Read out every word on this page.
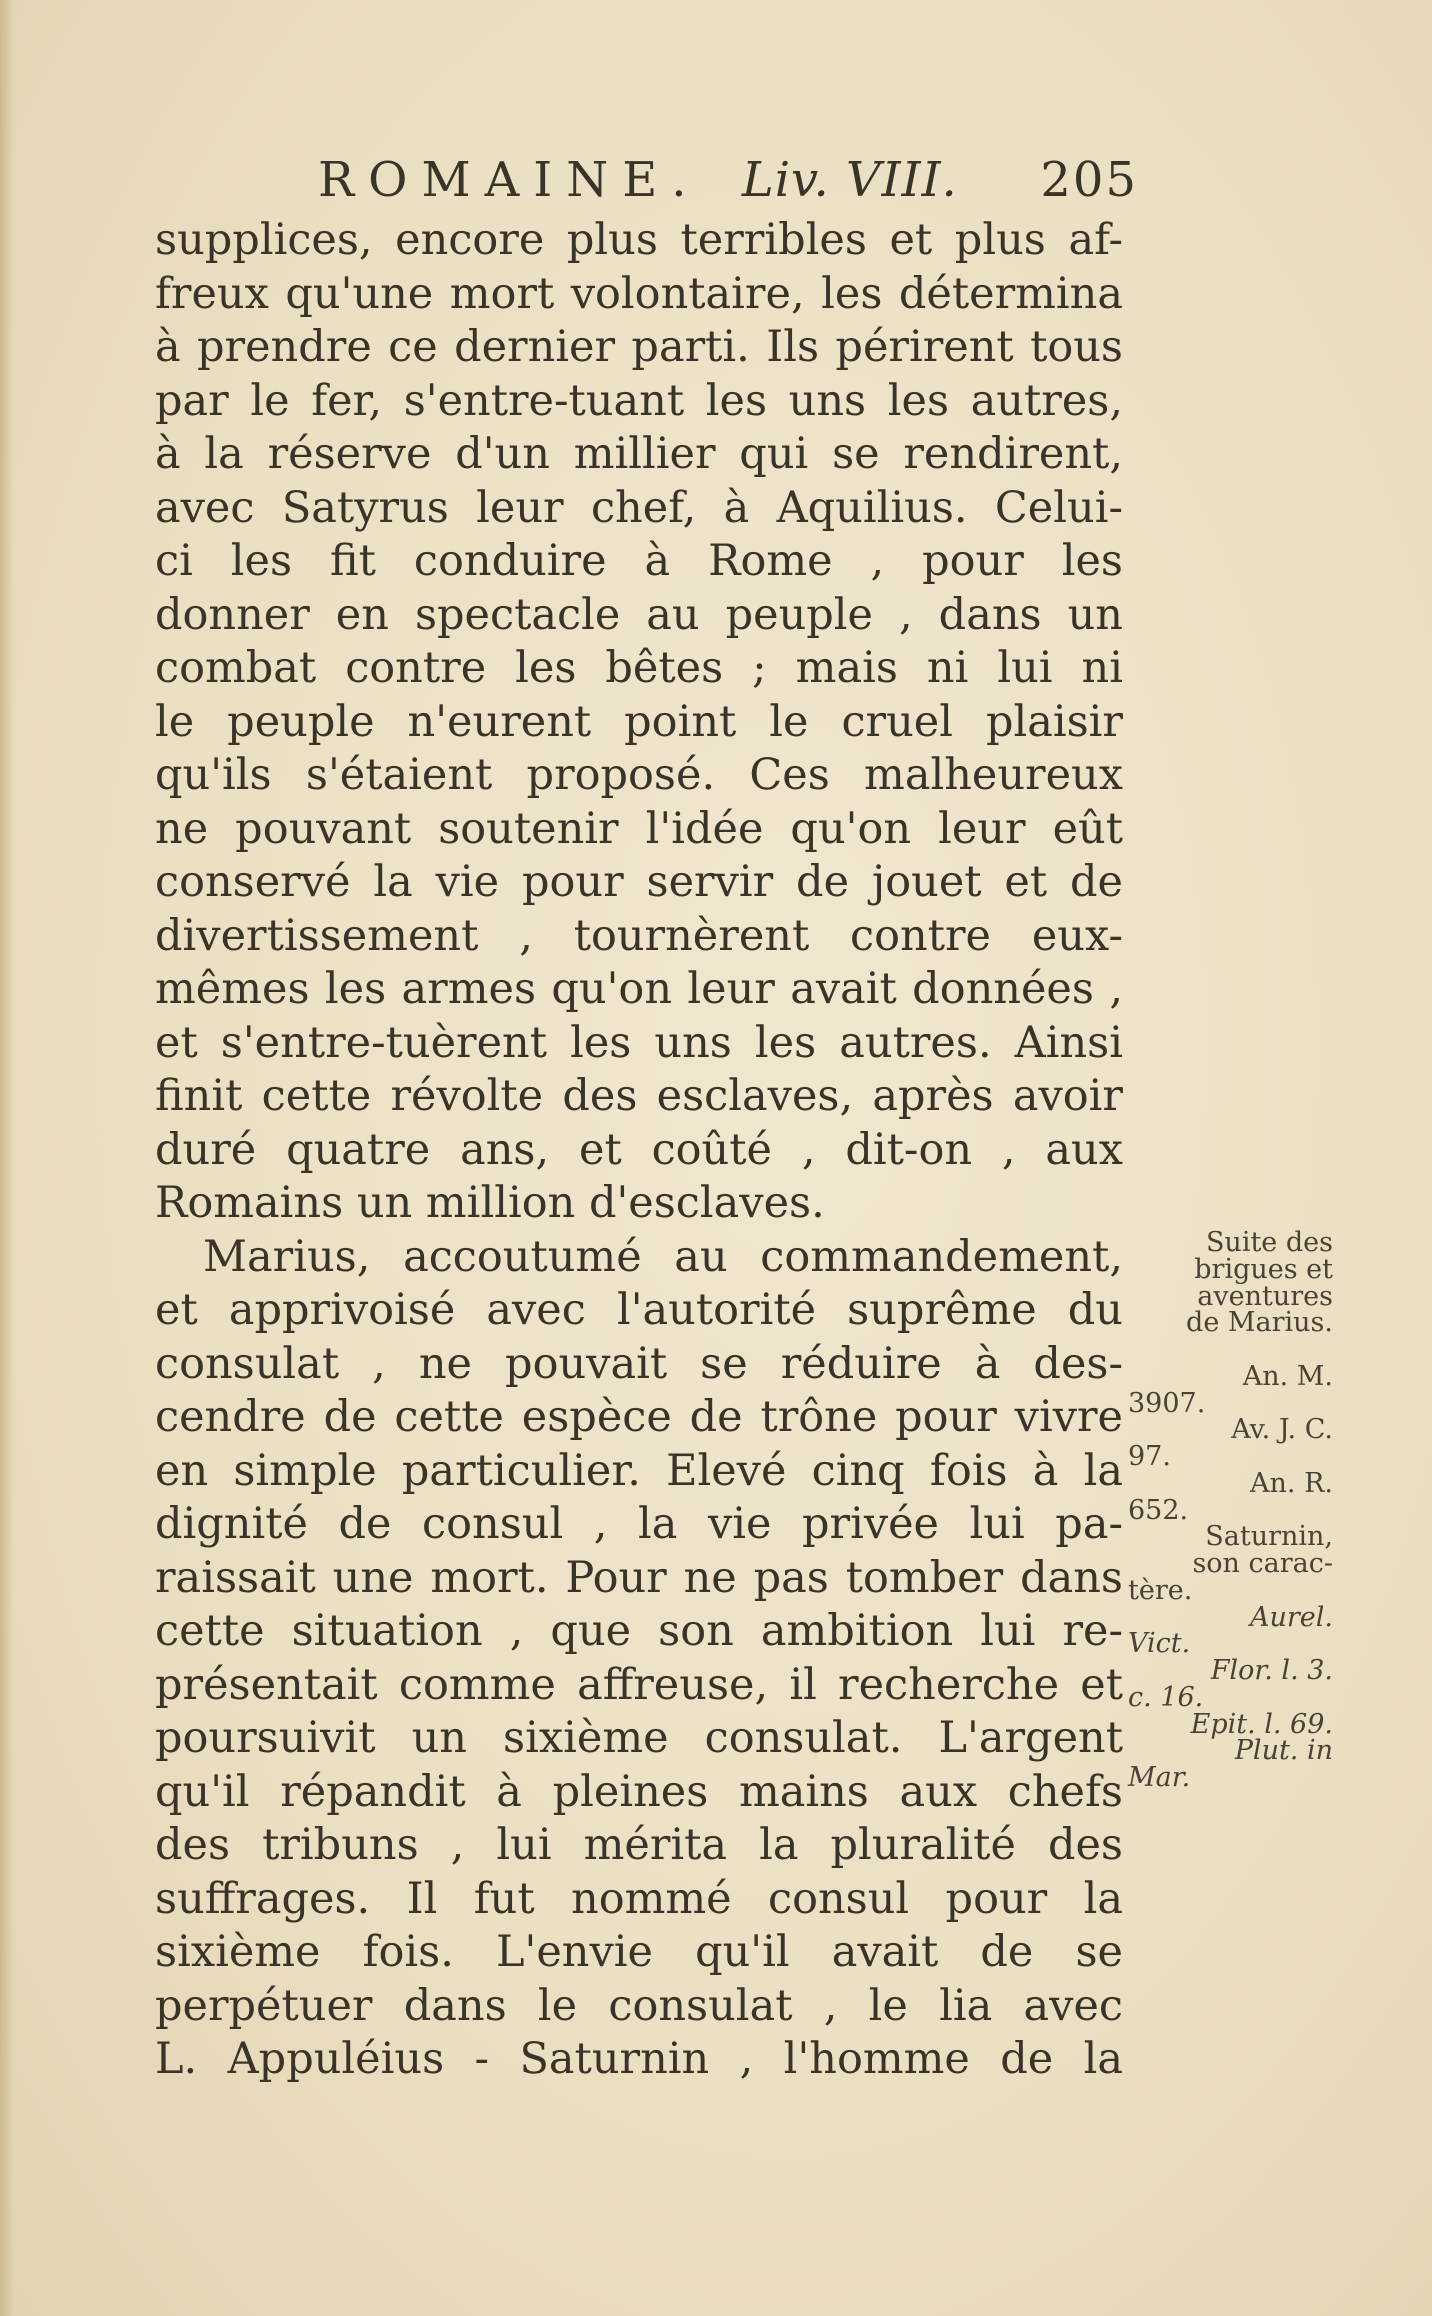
ROMAINE. Liv. VIII. 205
supplices, encore plus terribles et plus af-
freux qu'une mort volontaire, les détermina
à prendre ce dernier parti. Ils périrent tous
par le fer, s'entre-tuant les uns les autres,
à la réserve d'un millier qui se rendirent,
avec Satyrus leur chef, à Aquilius. Celui-
ci les fit conduire à Rome , pour les
donner en spectacle au peuple , dans un
combat contre les bêtes ; mais ni lui ni
le peuple n'eurent point le cruel plaisir
qu'ils s'étaient proposé. Ces malheureux
ne pouvant soutenir l'idée qu'on leur eût
conservé la vie pour servir de jouet et de
divertissement , tournèrent contre eux-
mêmes les armes qu'on leur avait données ,
et s'entre-tuèrent les uns les autres. Ainsi
finit cette révolte des esclaves, après avoir
duré quatre ans, et coûté , dit-on , aux
Romains un million d'esclaves.
Marius, accoutumé au commandement,
et apprivoisé avec l'autorité suprême du
consulat , ne pouvait se réduire à des-
cendre de cette espèce de trône pour vivre
en simple particulier. Elevé cinq fois à la
dignité de consul , la vie privée lui pa-
raissait une mort. Pour ne pas tomber dans
cette situation , que son ambition lui re-
présentait comme affreuse, il recherche et
poursuivit un sixième consulat. L'argent
qu'il répandit à pleines mains aux chefs
des tribuns , lui mérita la pluralité des
suffrages. Il fut nommé consul pour la
sixième fois. L'envie qu'il avait de se
perpétuer dans le consulat , le lia avec
L. Appuléius - Saturnin , l'homme de la
Suite des
brigues et
aventures
de Marius.
An. M.
3907.
Av. J. C.
97.
An. R.
652.
Saturnin,
son carac-
tère.
Aurel.
Vict.
Flor. l. 3.
c. 16.
Epit. l. 69.
Plut. in
Mar.
